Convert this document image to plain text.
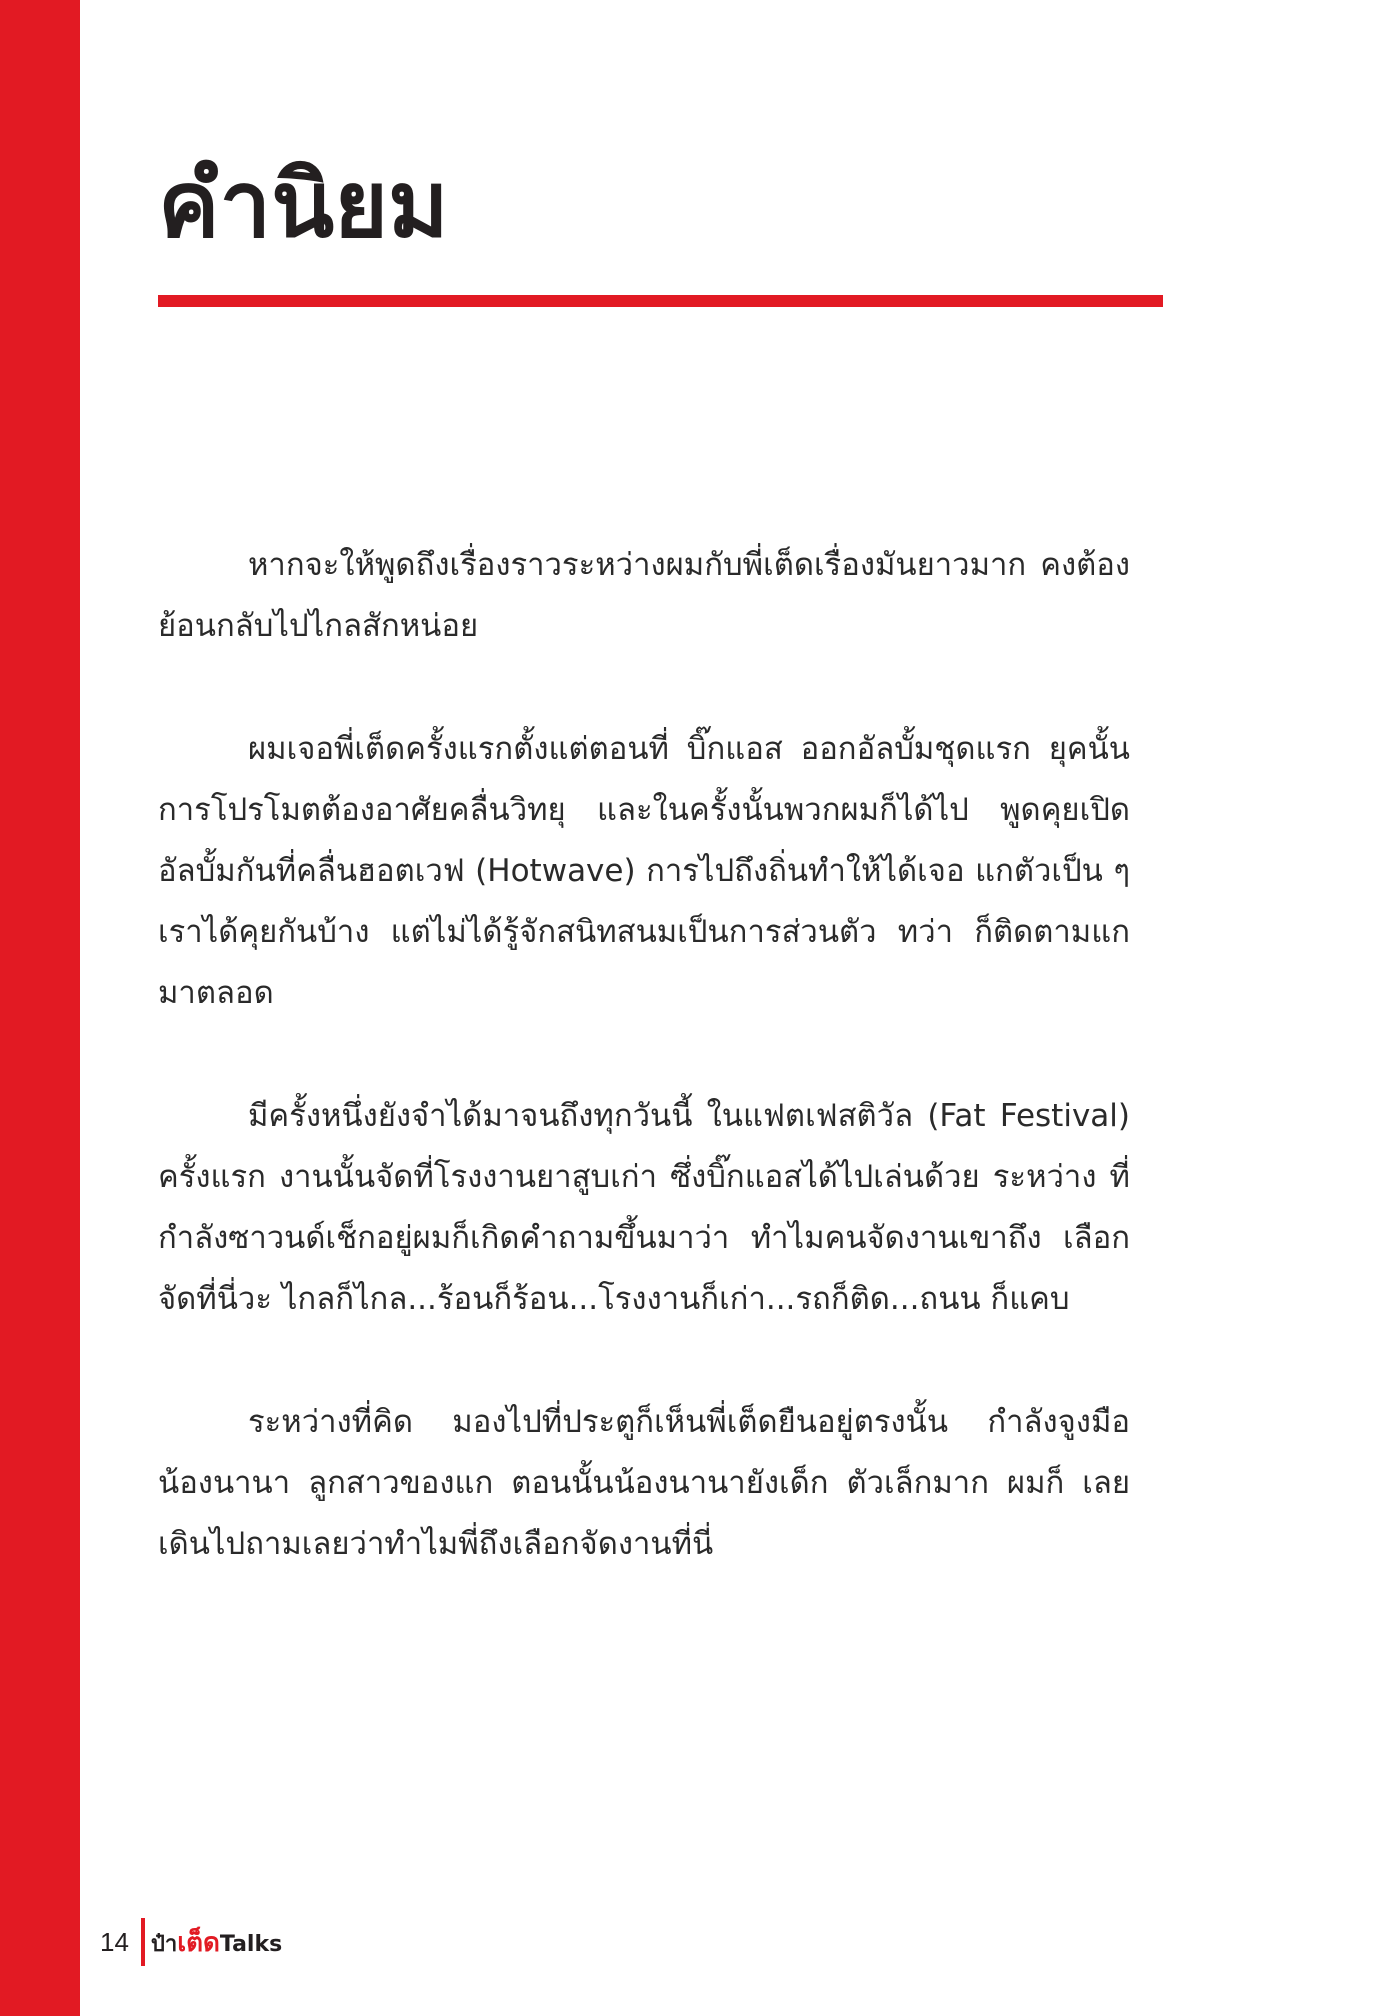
คำนิยม

หากจะให้พูดถึงเรื่องราวระหว่างผมกับพี่เต็ดเรื่องมันยาวมาก คงต้องย้อนกลับไปไกลสักหน่อย

ผมเจอพี่เต็ดครั้งแรกตั้งแต่ตอนที่ บิ๊กแอส ออกอัลบั้มชุดแรก ยุคนั้นการโปรโมตต้องอาศัยคลื่นวิทยุ และในครั้งนั้นพวกผมก็ได้ไป พูดคุยเปิดอัลบั้มกันที่คลื่นฮอตเวฟ (Hotwave) การไปถึงถิ่นทำให้ได้เจอ แกตัวเป็น ๆ เราได้คุยกันบ้าง แต่ไม่ได้รู้จักสนิทสนมเป็นการส่วนตัว ทว่า ก็ติดตามแกมาตลอด

มีครั้งหนึ่งยังจำได้มาจนถึงทุกวันนี้ ในแฟตเฟสติวัล (Fat Festival) ครั้งแรก งานนั้นจัดที่โรงงานยาสูบเก่า ซึ่งบิ๊กแอสได้ไปเล่นด้วย ระหว่าง ที่กำลังซาวนด์เช็กอยู่ผมก็เกิดคำถามขึ้นมาว่า ทำไมคนจัดงานเขาถึง เลือกจัดที่นี่วะ ไกลก็ไกล...ร้อนก็ร้อน...โรงงานก็เก่า...รถก็ติด...ถนน ก็แคบ

ระหว่างที่คิด มองไปที่ประตูก็เห็นพี่เต็ดยืนอยู่ตรงนั้น กำลังจูงมือ น้องนานา ลูกสาวของแก ตอนนั้นน้องนานายังเด็ก ตัวเล็กมาก ผมก็ เลยเดินไปถามเลยว่าทำไมพี่ถึงเลือกจัดงานที่นี่

14 ป๋า เต็ด Talks
